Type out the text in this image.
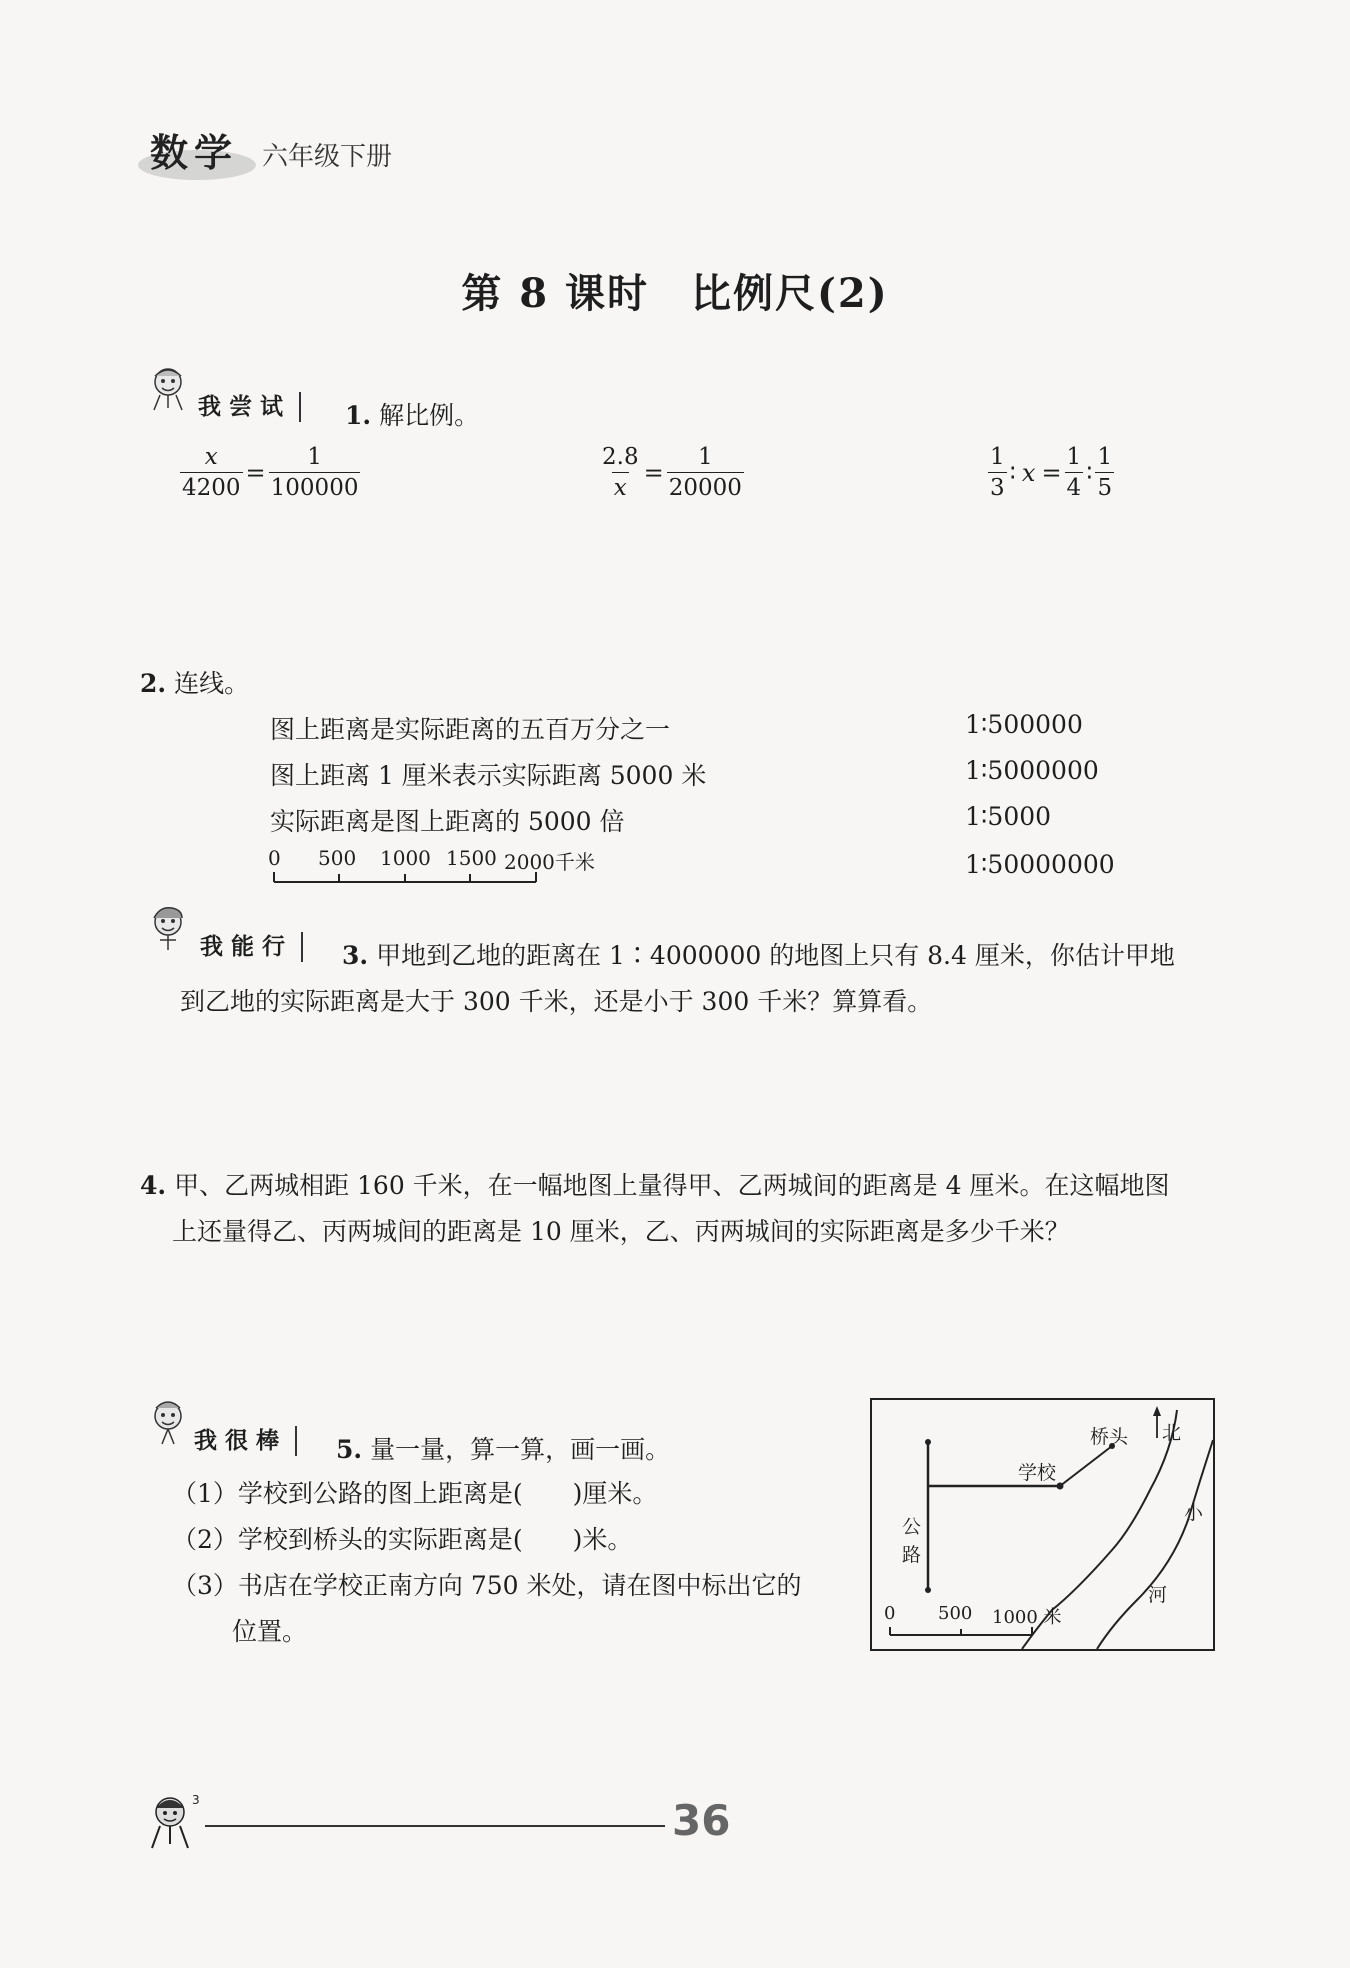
数学 六年级下册
第 8 课时　比例尺(2)
我尝试	1. 解比例。
$\frac{x}{4200} = \frac{1}{100000}$	$\frac{2.8}{x} = \frac{1}{20000}$	$\frac{1}{3}$ ∶ $x = \frac{1}{4}$ ∶ $\frac{1}{5}$
2. 连线。
图上距离是实际距离的五百万分之一
图上距离 1 厘米表示实际距离 5000 米
实际距离是图上距离的 5000 倍
0 500 1000 1500 2000千米
1∶500000
1∶5000000
1∶5000
1∶50000000
我能行	3. 甲地到乙地的距离在 1∶4000000 的地图上只有 8.4 厘米，你估计甲地
到乙地的实际距离是大于 300 千米，还是小于 300 千米？算算看。
4. 甲、乙两城相距 160 千米，在一幅地图上量得甲、乙两城间的距离是 4 厘米。在这幅地图
上还量得乙、丙两城间的距离是 10 厘米，乙、丙两城间的实际距离是多少千米？
我很棒	5. 量一量，算一算，画一画。
（1）学校到公路的图上距离是(　　)厘米。
（2）学校到桥头的实际距离是(　　)米。
（3）书店在学校正南方向 750 米处，请在图中标出它的
位置。
桥头 北
学校
公
路
小
河
0 500 1000 米
3	36
